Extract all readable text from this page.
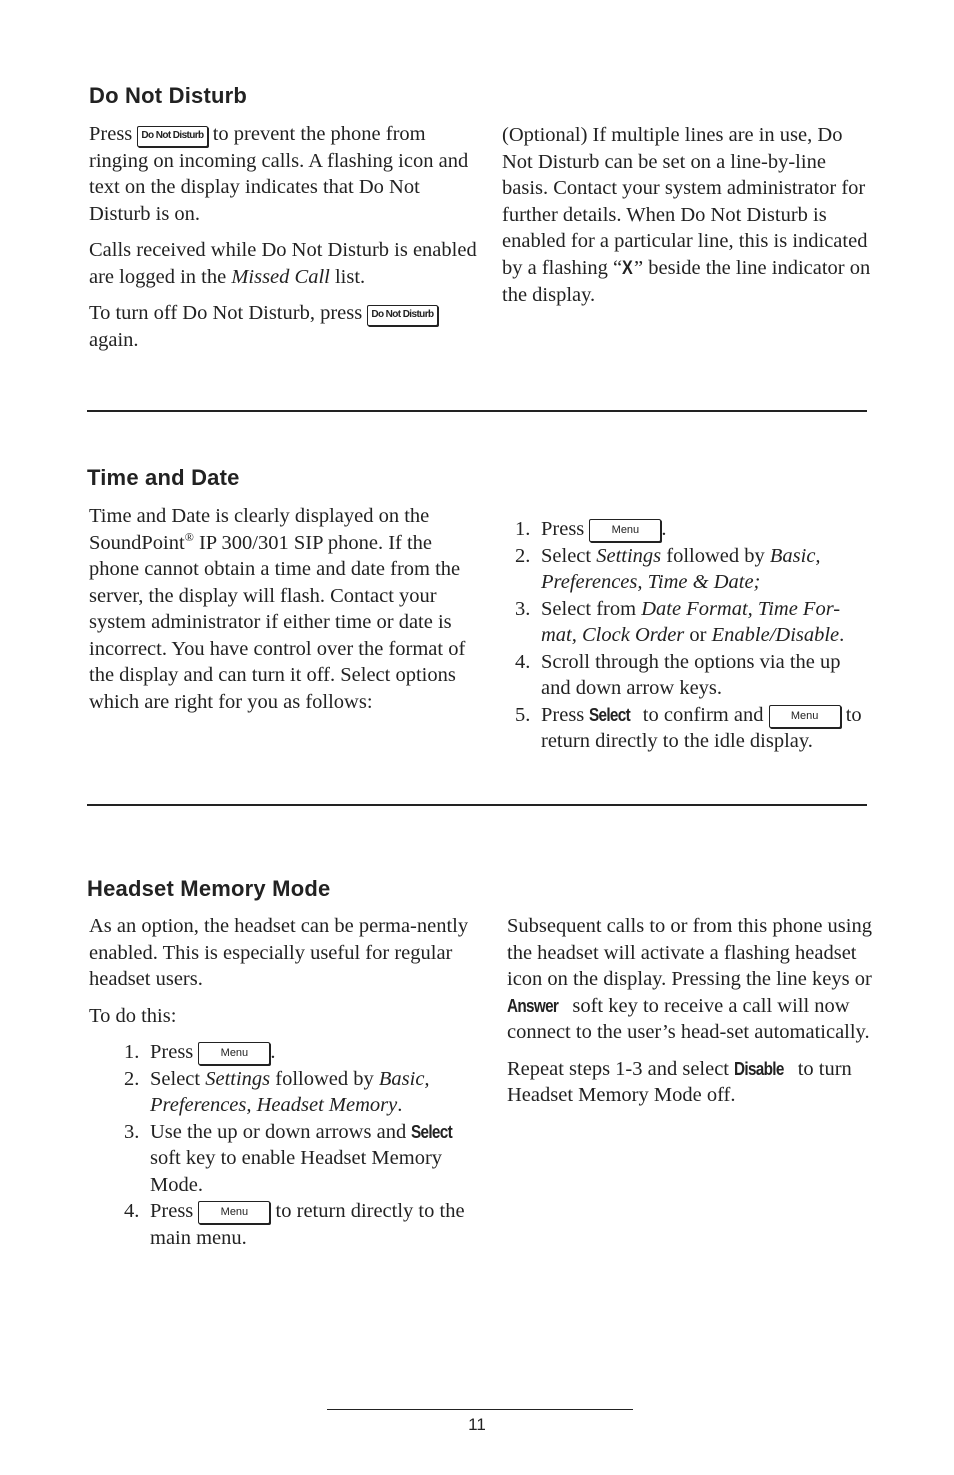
Do Not Disturb

Press Do Not Disturb to prevent the phone from ringing on incoming calls. A flashing icon and text on the display indicates that Do Not Disturb is on.

Calls received while Do Not Disturb is enabled are logged in the Missed Call list.

To turn off Do Not Disturb, press Do Not Disturb again.

(Optional) If multiple lines are in use, Do Not Disturb can be set on a line-by-line basis. Contact your system administrator for further details. When Do Not Disturb is enabled for a particular line, this is indicated by a flashing “X” beside the line indicator on the display.

Time and Date

Time and Date is clearly displayed on the SoundPoint® IP 300/301 SIP phone. If the phone cannot obtain a time and date from the server, the display will flash. Contact your system administrator if either time or date is incorrect. You have control over the format of the display and can turn it off. Select options which are right for you as follows:

1. Press Menu .
2. Select Settings followed by Basic, Preferences, Time & Date;
3. Select from Date Format, Time For-mat, Clock Order or Enable/Disable.
4. Scroll through the options via the up and down arrow keys.
5. Press Select to confirm and Menu to return directly to the idle display.
Headset Memory Mode

As an option, the headset can be perma-nently enabled. This is especially useful for regular headset users.

To do this:

1. Press Menu .
2. Select Settings followed by Basic, Preferences, Headset Memory.
3. Use the up or down arrows and Select soft key to enable Headset Memory Mode.
4. Press Menu to return directly to the main menu.

Subsequent calls to or from this phone using the headset will activate a flashing headset icon on the display. Pressing the line keys or Answer soft key to receive a call will now connect to the user’s head-set automatically.

Repeat steps 1-3 and select Disable to turn Headset Memory Mode off.

11
